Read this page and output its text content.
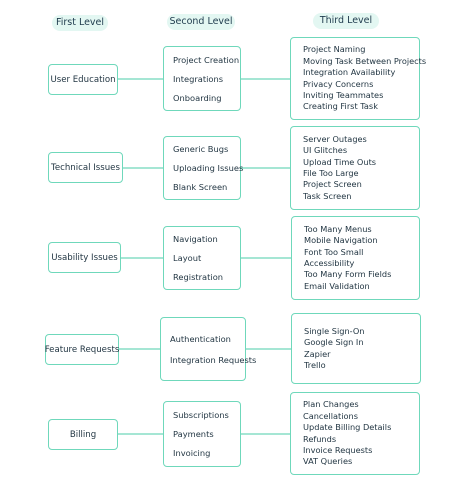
First Level	Second Level	Third Level
User Education
Project Creation
Integrations
Onboarding
Project Naming
Moving Task Between Projects
Integration Availability
Privacy Concerns
Inviting Teammates
Creating First Task
Technical Issues
Generic Bugs
Uploading Issues
Blank Screen
Server Outages
UI Glitches
Upload Time Outs
File Too Large
Project Screen
Task Screen
Usability Issues
Navigation
Layout
Registration
Too Many Menus
Mobile Navigation
Font Too Small
Accessibility
Too Many Form Fields
Email Validation
Feature Requests
Authentication
Integration Requests
Single Sign-On
Google Sign In
Zapier
Trello
Billing
Subscriptions
Payments
Invoicing
Plan Changes
Cancellations
Update Billing Details
Refunds
Invoice Requests
VAT Queries
